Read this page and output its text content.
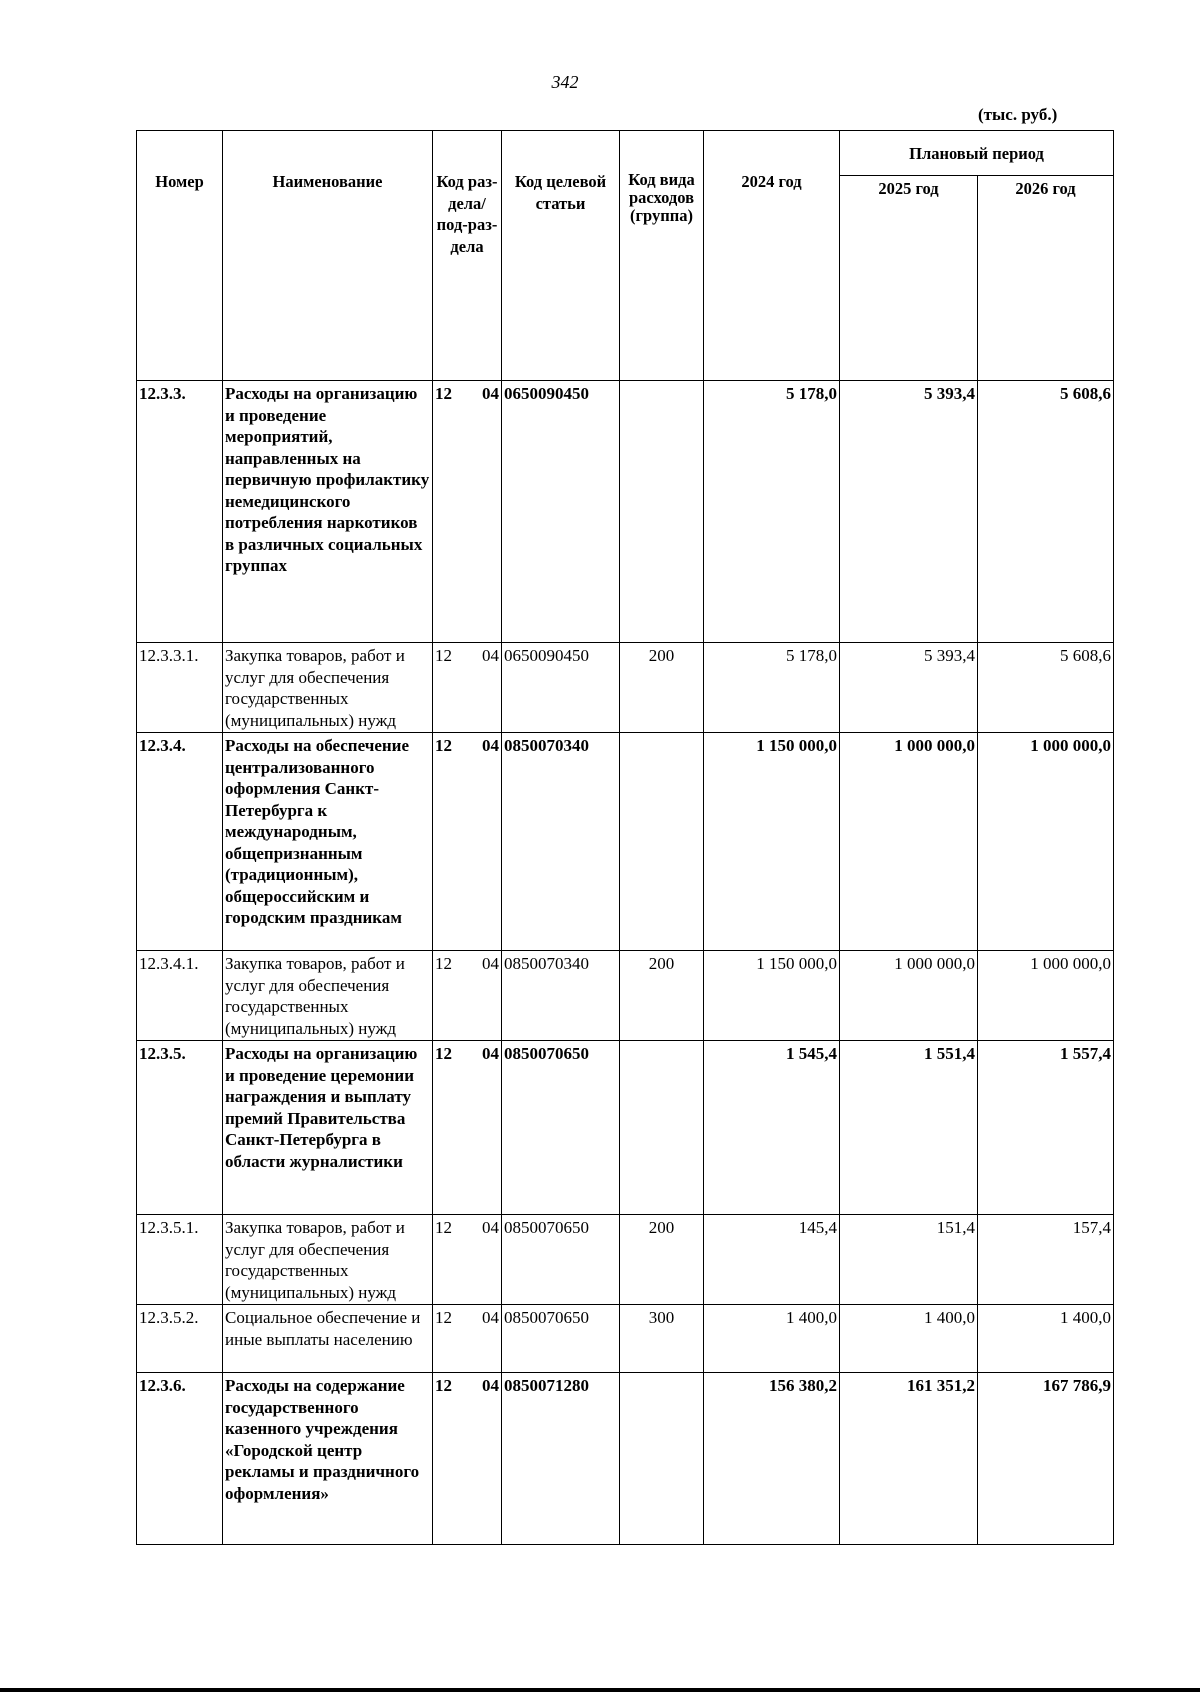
342
(тыс. руб.)
Номер	Наименование	Код раз-дела/ под-раз-дела	Код целевой статьи	Код вида расходов (группа)	2024 год	Плановый период	
						2025 год	2026 год
12.3.3.	Расходы на организацию и проведение мероприятий, направленных на первичную профилактику немедицинского потребления наркотиков в различных социальных группах	12 04	0650090450		5 178,0	5 393,4	5 608,6
12.3.3.1.	Закупка товаров, работ и услуг для обеспечения государственных (муниципальных) нужд	12 04	0650090450	200	5 178,0	5 393,4	5 608,6
12.3.4.	Расходы на обеспечение централизованного оформления Санкт-Петербурга к международным, общепризнанным (традиционным), общероссийским и городским праздникам	12 04	0850070340		1 150 000,0	1 000 000,0	1 000 000,0
12.3.4.1.	Закупка товаров, работ и услуг для обеспечения государственных (муниципальных) нужд	12 04	0850070340	200	1 150 000,0	1 000 000,0	1 000 000,0
12.3.5.	Расходы на организацию и проведение церемонии награждения и выплату премий Правительства Санкт-Петербурга в области журналистики	12 04	0850070650		1 545,4	1 551,4	1 557,4
12.3.5.1.	Закупка товаров, работ и услуг для обеспечения государственных (муниципальных) нужд	12 04	0850070650	200	145,4	151,4	157,4
12.3.5.2.	Социальное обеспечение и иные выплаты населению	12 04	0850070650	300	1 400,0	1 400,0	1 400,0
12.3.6.	Расходы на содержание государственного казенного учреждения «Городской центр рекламы и праздничного оформления»	12 04	0850071280		156 380,2	161 351,2	167 786,9
